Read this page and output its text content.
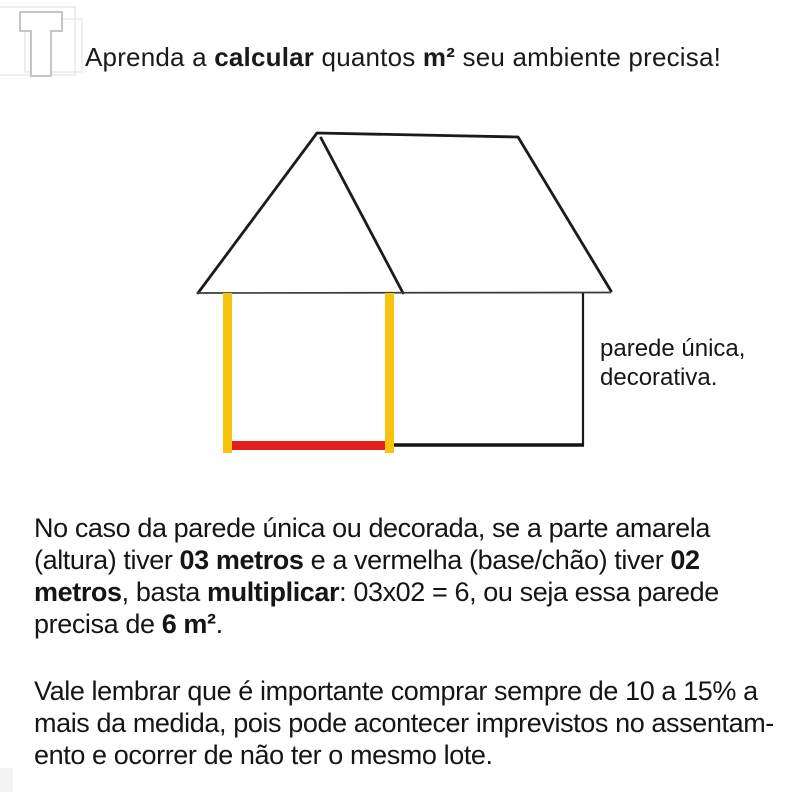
Aprenda a calcular quantos m² seu ambiente precisa!
parede única,
decorativa.
No caso da parede única ou decorada, se a parte amarela
(altura) tiver 03 metros e a vermelha (base/chão) tiver 02
metros, basta multiplicar: 03x02 = 6, ou seja essa parede
precisa de 6 m².
Vale lembrar que é importante comprar sempre de 10 a 15% a
mais da medida, pois pode acontecer imprevistos no assentam-
ento e ocorrer de não ter o mesmo lote.
